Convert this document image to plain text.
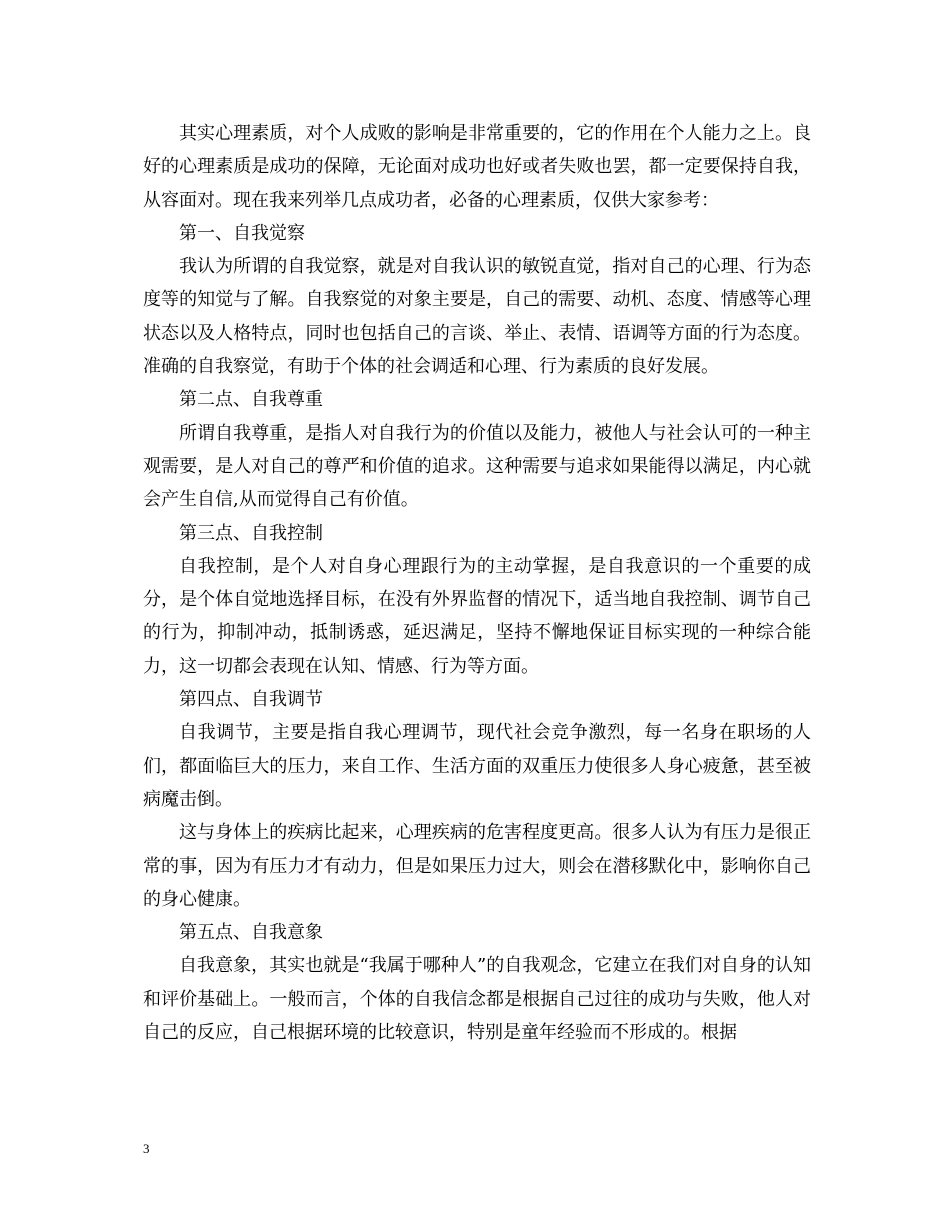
其实心理素质，对个人成败的影响是非常重要的，它的作用在个人能力之上。良好的心理素质是成功的保障，无论面对成功也好或者失败也罢，都一定要保持自我，从容面对。现在我来列举几点成功者，必备的心理素质，仅供大家参考：

第一、自我觉察

我认为所谓的自我觉察，就是对自我认识的敏锐直觉，指对自己的心理、行为态度等的知觉与了解。自我察觉的对象主要是，自己的需要、动机、态度、情感等心理状态以及人格特点，同时也包括自己的言谈、举止、表情、语调等方面的行为态度。准确的自我察觉，有助于个体的社会调适和心理、行为素质的良好发展。

第二点、自我尊重

所谓自我尊重，是指人对自我行为的价值以及能力，被他人与社会认可的一种主观需要，是人对自己的尊严和价值的追求。这种需要与追求如果能得以满足，内心就会产生自信,从而觉得自己有价值。

第三点、自我控制

自我控制，是个人对自身心理跟行为的主动掌握，是自我意识的一个重要的成分，是个体自觉地选择目标，在没有外界监督的情况下，适当地自我控制、调节自己的行为，抑制冲动，抵制诱惑，延迟满足，坚持不懈地保证目标实现的一种综合能力，这一切都会表现在认知、情感、行为等方面。

第四点、自我调节

自我调节，主要是指自我心理调节，现代社会竞争激烈，每一名身在职场的人们，都面临巨大的压力，来自工作、生活方面的双重压力使很多人身心疲惫，甚至被病魔击倒。

这与身体上的疾病比起来，心理疾病的危害程度更高。很多人认为有压力是很正常的事，因为有压力才有动力，但是如果压力过大，则会在潜移默化中，影响你自己的身心健康。

第五点、自我意象

自我意象，其实也就是“我属于哪种人”的自我观念，它建立在我们对自身的认知和评价基础上。一般而言，个体的自我信念都是根据自己过往的成功与失败，他人对自己的反应，自己根据环境的比较意识，特别是童年经验而不形成的。根据

3
